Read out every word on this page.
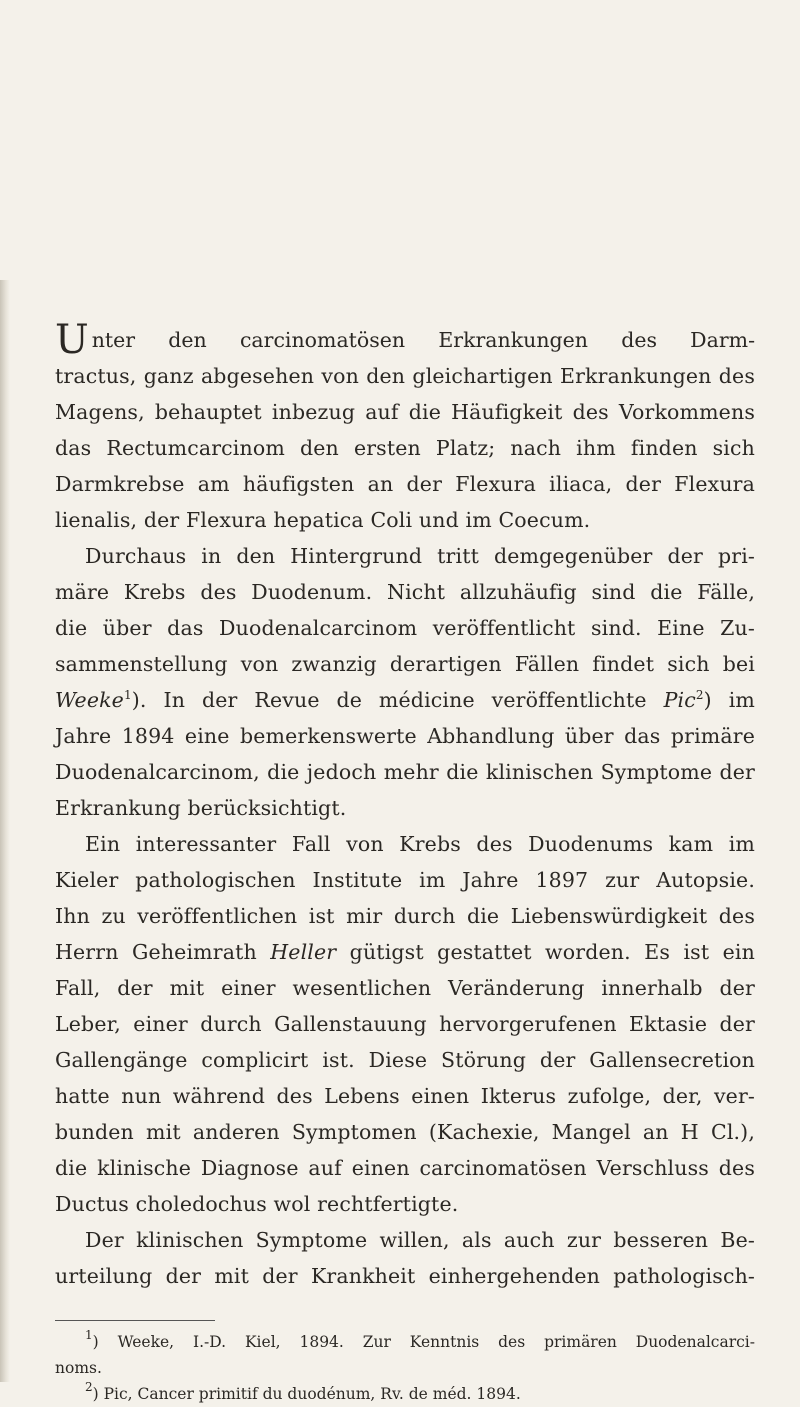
U nter den carcinomatösen Erkrankungen des Darm-
tractus, ganz abgesehen von den gleichartigen Erkrankungen des
Magens, behauptet inbezug auf die Häufigkeit des Vorkommens
das Rectumcarcinom den ersten Platz; nach ihm finden sich
Darmkrebse am häufigsten an der Flexura iliaca, der Flexura
lienalis, der Flexura hepatica Coli und im Coecum.
Durchaus in den Hintergrund tritt demgegenüber der pri-
märe Krebs des Duodenum. Nicht allzuhäufig sind die Fälle,
die über das Duodenalcarcinom veröffentlicht sind. Eine Zu-
sammenstellung von zwanzig derartigen Fällen findet sich bei
Weeke$^1$). In der Revue de médicine veröffentlichte Pic$^2$) im
Jahre 1894 eine bemerkenswerte Abhandlung über das primäre
Duodenalcarcinom, die jedoch mehr die klinischen Symptome der
Erkrankung berücksichtigt.
Ein interessanter Fall von Krebs des Duodenums kam im
Kieler pathologischen Institute im Jahre 1897 zur Autopsie.
Ihn zu veröffentlichen ist mir durch die Liebenswürdigkeit des
Herrn Geheimrath Heller gütigst gestattet worden. Es ist ein
Fall, der mit einer wesentlichen Veränderung innerhalb der
Leber, einer durch Gallenstauung hervorgerufenen Ektasie der
Gallengänge complicirt ist. Diese Störung der Gallensecretion
hatte nun während des Lebens einen Ikterus zufolge, der, ver-
bunden mit anderen Symptomen (Kachexie, Mangel an H Cl.),
die klinische Diagnose auf einen carcinomatösen Verschluss des
Ductus choledochus wol rechtfertigte.
Der klinischen Symptome willen, als auch zur besseren Be-
urteilung der mit der Krankheit einhergehenden pathologisch-
$^1$) Weeke, I.-D. Kiel, 1894. Zur Kenntnis des primären Duodenalcarci-
noms.
$^2$) Pic, Cancer primitif du duodénum, Rv. de méd. 1894.
